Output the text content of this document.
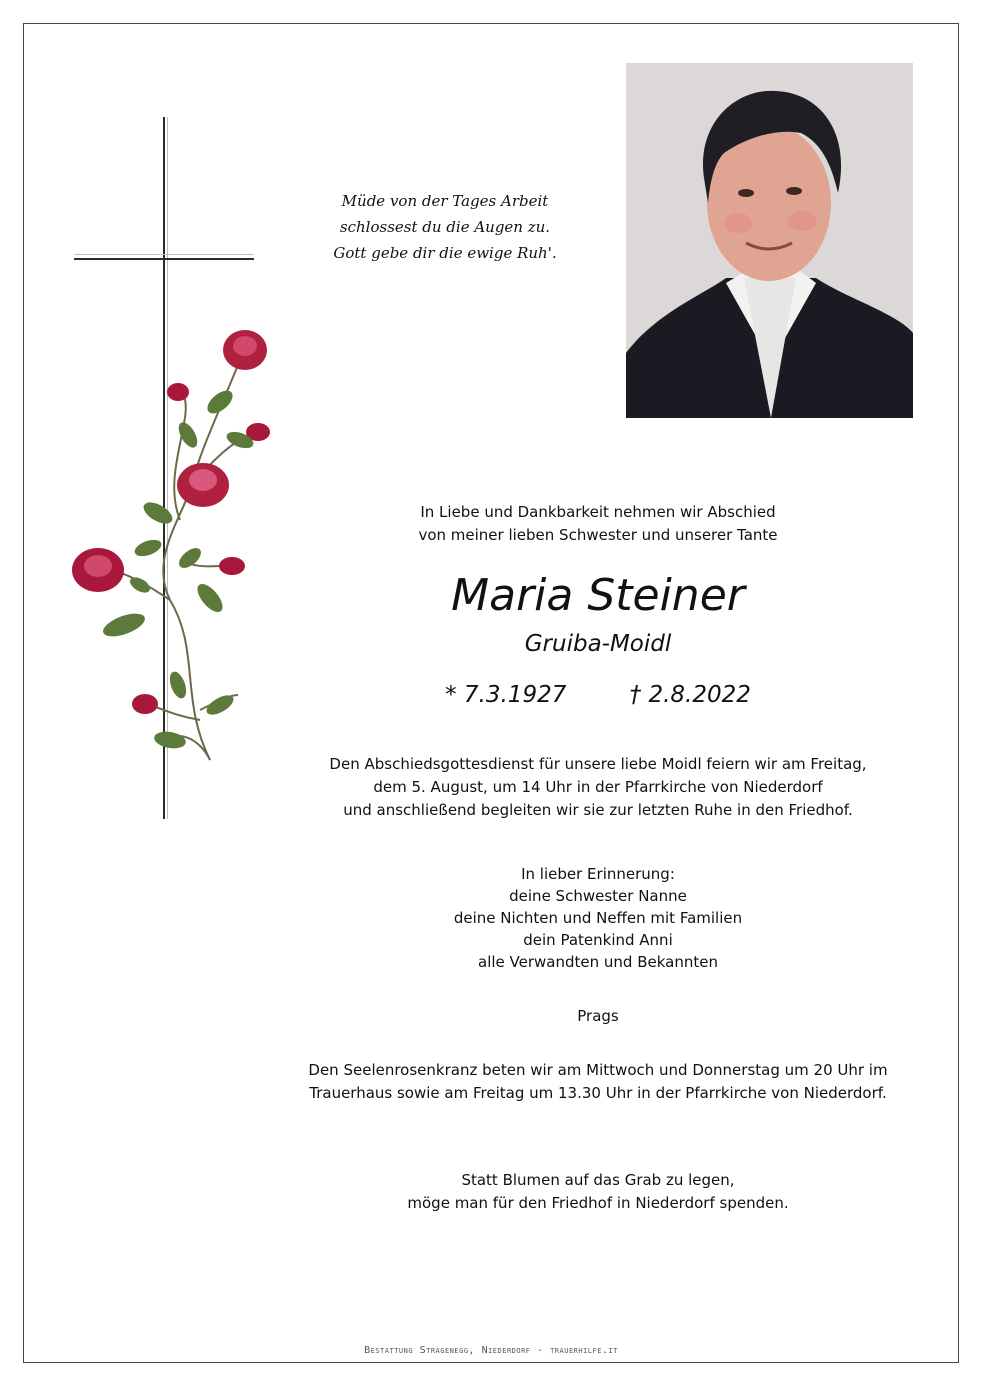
Müde von der Tages Arbeit
schlossest du die Augen zu.
Gott gebe dir die ewige Ruh'.
In Liebe und Dankbarkeit nehmen wir Abschied
von meiner lieben Schwester und unserer Tante
Maria Steiner
Gruiba-Moidl
* 7.3.1927	† 2.8.2022
Den Abschiedsgottesdienst für unsere liebe Moidl feiern wir am Freitag,
dem 5. August, um 14 Uhr in der Pfarrkirche von Niederdorf
und anschließend begleiten wir sie zur letzten Ruhe in den Friedhof.
In lieber Erinnerung:
deine Schwester Nanne
deine Nichten und Neffen mit Familien
dein Patenkind Anni
alle Verwandten und Bekannten
Prags
Den Seelenrosenkranz beten wir am Mittwoch und Donnerstag um 20 Uhr im
Trauerhaus sowie am Freitag um 13.30 Uhr in der Pfarrkirche von Niederdorf.
Statt Blumen auf das Grab zu legen,
möge man für den Friedhof in Niederdorf spenden.
Bestattung Stragenegg, Niederdorf - trauerhilfe.it
